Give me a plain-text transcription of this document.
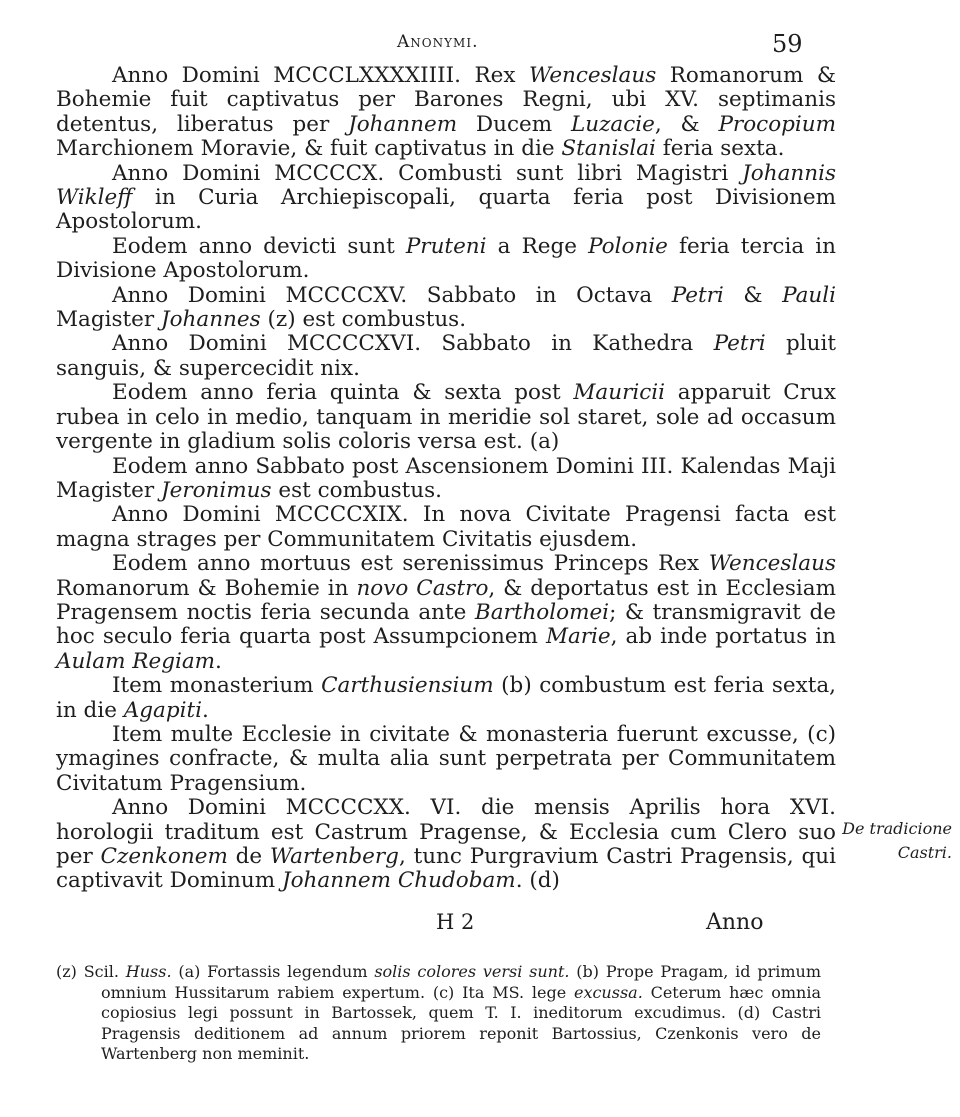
Anonymi.	59

Anno Domini MCCCLXXXXIIII. Rex Wenceslaus Romanorum & Bohemie fuit captivatus per Barones Regni, ubi XV. septimanis detentus, liberatus per Johannem Ducem Luzacie, & Procopium Marchionem Moravie, & fuit captivatus in die Stanislai feria sexta.

Anno Domini MCCCCX. Combusti sunt libri Magistri Johannis Wikleff in Curia Archiepiscopali, quarta feria post Divisionem Apostolorum.

Eodem anno devicti sunt Pruteni a Rege Polonie feria tercia in Divisione Apostolorum.

Anno Domini MCCCCXV. Sabbato in Octava Petri & Pauli Magister Johannes (z) est combustus.

Anno Domini MCCCCXVI. Sabbato in Kathedra Petri pluit sanguis, & supercecidit nix.

Eodem anno feria quinta & sexta post Mauricii apparuit Crux rubea in celo in medio, tanquam in meridie sol staret, sole ad occasum vergente in gladium solis coloris versa est. (a)

Eodem anno Sabbato post Ascensionem Domini III. Kalendas Maji Magister Jeronimus est combustus.

Anno Domini MCCCCXIX. In nova Civitate Pragensi facta est magna strages per Communitatem Civitatis ejusdem.

Eodem anno mortuus est serenissimus Princeps Rex Wenceslaus Romanorum & Bohemie in novo Castro, & deportatus est in Ecclesiam Pragensem noctis feria secunda ante Bartholomei; & transmigravit de hoc seculo feria quarta post Assumpcionem Marie, ab inde portatus in Aulam Regiam.

Item monasterium Carthusiensium (b) combustum est feria sexta, in die Agapiti.

Item multe Ecclesie in civitate & monasteria fuerunt excusse, (c) ymagines confracte, & multa alia sunt perpetrata per Communitatem Civitatum Pragensium.

Anno Domini MCCCCXX. VI. die mensis Aprilis hora XVI. horologii traditum est Castrum Pragense, & Ecclesia cum Clero suo per Czenkonem de Wartenberg, tunc Purgravium Castri Pragensis, qui captivavit Dominum Johannem Chudobam. (d)

De tradicione Castri.
H 2	Anno

(z) Scil. Huss. (a) Fortassis legendum solis colores versi sunt. (b) Prope Pragam, id primum omnium Hussitarum rabiem expertum. (c) Ita MS. lege excussa. Ceterum hæc omnia copiosius legi possunt in Bartossek, quem T. I. ineditorum excudimus. (d) Castri Pragensis deditionem ad annum priorem reponit Bartossius, Czenkonis vero de Wartenberg non meminit.
